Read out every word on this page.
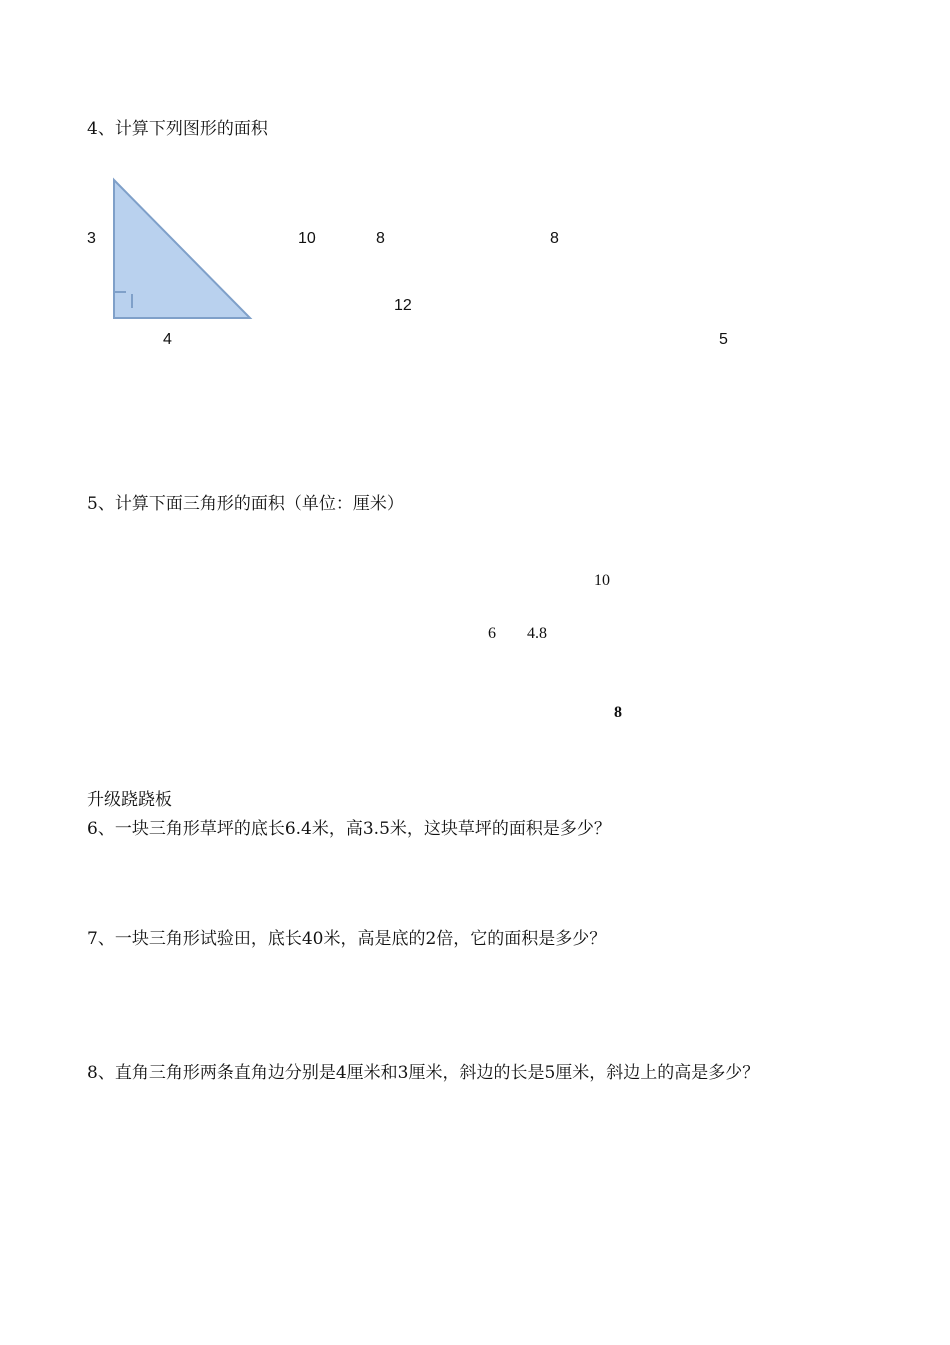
4、计算下列图形的面积
3
4
10	8
12
8
5
5、计算下面三角形的面积（单位：厘米）
10
6 4.8
8
升级跷跷板
6、一块三角形草坪的底长6.4米，高3.5米，这块草坪的面积是多少？
7、一块三角形试验田，底长40米，高是底的2倍，它的面积是多少？
8、直角三角形两条直角边分别是4厘米和3厘米，斜边的长是5厘米，斜边上的高是多少？
